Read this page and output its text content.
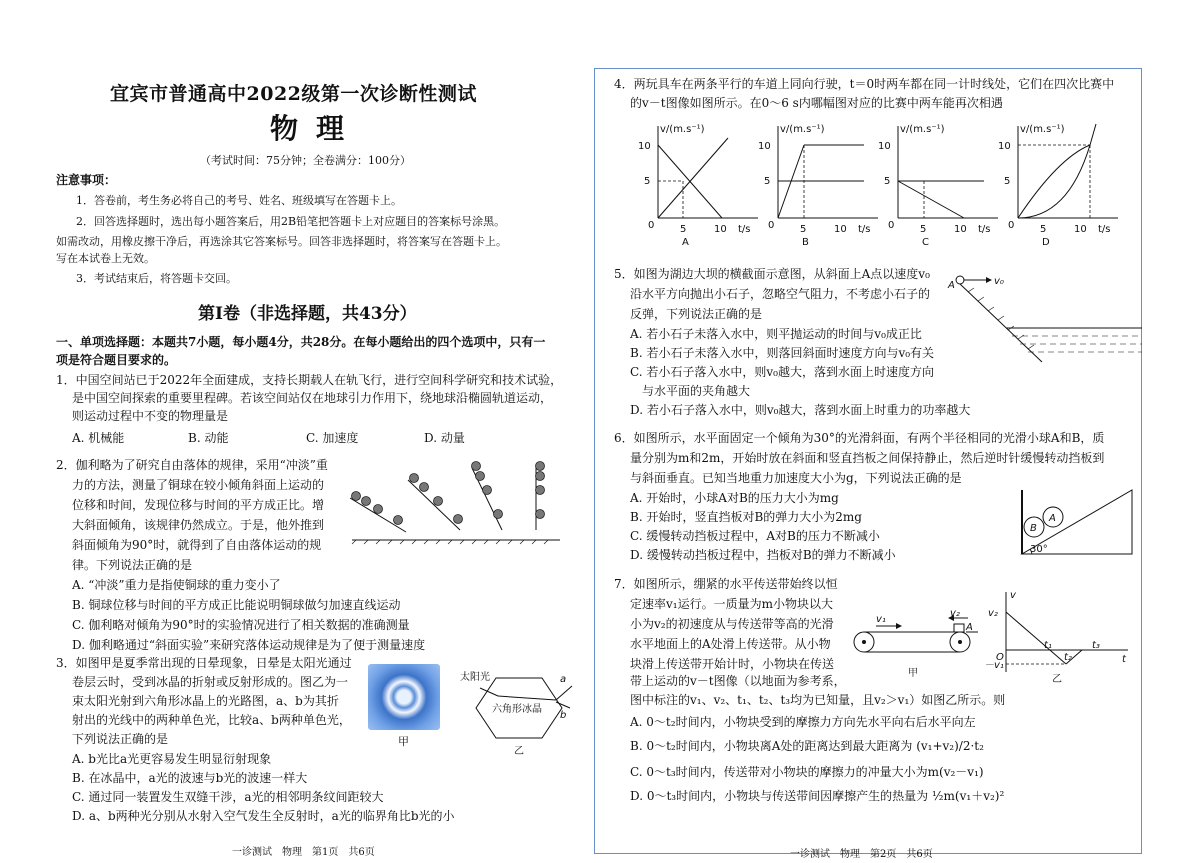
宜宾市普通高中2022级第一次诊断性测试
物理
（考试时间：75分钟；全卷满分：100分）
注意事项：
1．答卷前，考生务必将自己的考号、姓名、班级填写在答题卡上。
2．回答选择题时，选出每小题答案后，用2B铅笔把答题卡上对应题目的答案标号涂黑。
如需改动，用橡皮擦干净后，再选涂其它答案标号。回答非选择题时，将答案写在答题卡上。
写在本试卷上无效。
3．考试结束后，将答题卡交回。
第Ⅰ卷（非选择题，共43分）
一、单项选择题：本题共7小题，每小题4分，共28分。在每小题给出的四个选项中，只有一
项是符合题目要求的。
1．中国空间站已于2022年全面建成，支持长期载人在轨飞行，进行空间科学研究和技术试验，
是中国空间探索的重要里程碑。若该空间站仅在地球引力作用下，绕地球沿椭圆轨道运动，
则运动过程中不变的物理量是
A. 机械能	B. 动能	C. 加速度	D. 动量
2．伽利略为了研究自由落体的规律，采用“冲淡”重
力的方法，测量了铜球在较小倾角斜面上运动的
位移和时间，发现位移与时间的平方成正比。增
大斜面倾角，该规律仍然成立。于是，他外推到
斜面倾角为90°时，就得到了自由落体运动的规
律。下列说法正确的是
A. “冲淡”重力是指使铜球的重力变小了
B. 铜球位移与时间的平方成正比能说明铜球做匀加速直线运动
C. 伽利略对倾角为90°时的实验情况进行了相关数据的准确测量
D. 伽利略通过“斜面实验”来研究落体运动规律是为了便于测量速度
3．如图甲是夏季常出现的日晕现象，日晕是太阳光通过
卷层云时，受到冰晶的折射或反射形成的。图乙为一
束太阳光射到六角形冰晶上的光路图，a、b为其折
射出的光线中的两种单色光，比较a、b两种单色光，
下列说法正确的是
A. b光比a光更容易发生明显衍射现象
B. 在冰晶中，a光的波速与b光的波速一样大
C. 通过同一装置发生双缝干涉，a光的相邻明条纹间距较大
D. a、b两种光分别从水射入空气发生全反射时，a光的临界角比b光的小
甲
太阳光
六角形冰晶
a
b
乙
一诊测试　物理　第1页　共6页
4．两玩具车在两条平行的车道上同向行驶，t＝0时两车都在同一计时线处，它们在四次比赛中
的v－t图像如图所示。在0～6 s内哪幅图对应的比赛中两车能再次相遇
v/(m.s⁻¹)
10
5
0	5	10 t/s
A
v/(m.s⁻¹)
10
5
0	5	10 t/s
B
v/(m.s⁻¹)
10
5
0	5	10 t/s
C
v/(m.s⁻¹)
10
5
0	5	10 t/s
D
5．如图为湖边大坝的横截面示意图，从斜面上A点以速度v₀
沿水平方向抛出小石子，忽略空气阻力，不考虑小石子的
反弹，下列说法正确的是
A. 若小石子未落入水中，则平抛运动的时间与v₀成正比
B. 若小石子未落入水中，则落回斜面时速度方向与v₀有关
C. 若小石子落入水中，则v₀越大，落到水面上时速度方向
　与水平面的夹角越大
D. 若小石子落入水中，则v₀越大，落到水面上时重力的功率越大
A	v₀
6．如图所示，水平面固定一个倾角为30°的光滑斜面，有两个半径相同的光滑小球A和B，质
量分别为m和2m，开始时放在斜面和竖直挡板之间保持静止，然后逆时针缓慢转动挡板到
与斜面垂直。已知当地重力加速度大小为g，下列说法正确的是
A. 开始时，小球A对B的压力大小为mg
B. 开始时，竖直挡板对B的弹力大小为2mg
C. 缓慢转动挡板过程中，A对B的压力不断减小
D. 缓慢转动挡板过程中，挡板对B的弹力不断减小
B
A
30°
7．如图所示，绷紧的水平传送带始终以恒
定速率v₁运行。一质量为m小物块以大
小为v₂的初速度从与传送带等高的光滑
水平地面上的A处滑上传送带。从小物
块滑上传送带开始计时，小物块在传送
带上运动的v－t图像（以地面为参考系，
图中标注的v₁、v₂、t₁、t₂、t₃均为已知量，且v₂＞v₁）如图乙所示。则
A. 0～t₂时间内，小物块受到的摩擦力方向先水平向右后水平向左
B. 0～t₂时间内，小物块离A处的距离达到最大距离为 (v₁+v₂)/2·t₂
C. 0～t₃时间内，传送带对小物块的摩擦力的冲量大小为m(v₂－v₁)
D. 0～t₃时间内，小物块与传送带间因摩擦产生的热量为 ½m(v₁＋v₂)²
v₁
v₂
A
甲
v
t
O
v₂
－v₁
t₁
t₂
t₃
乙
一诊测试　物理　第2页　共6页
